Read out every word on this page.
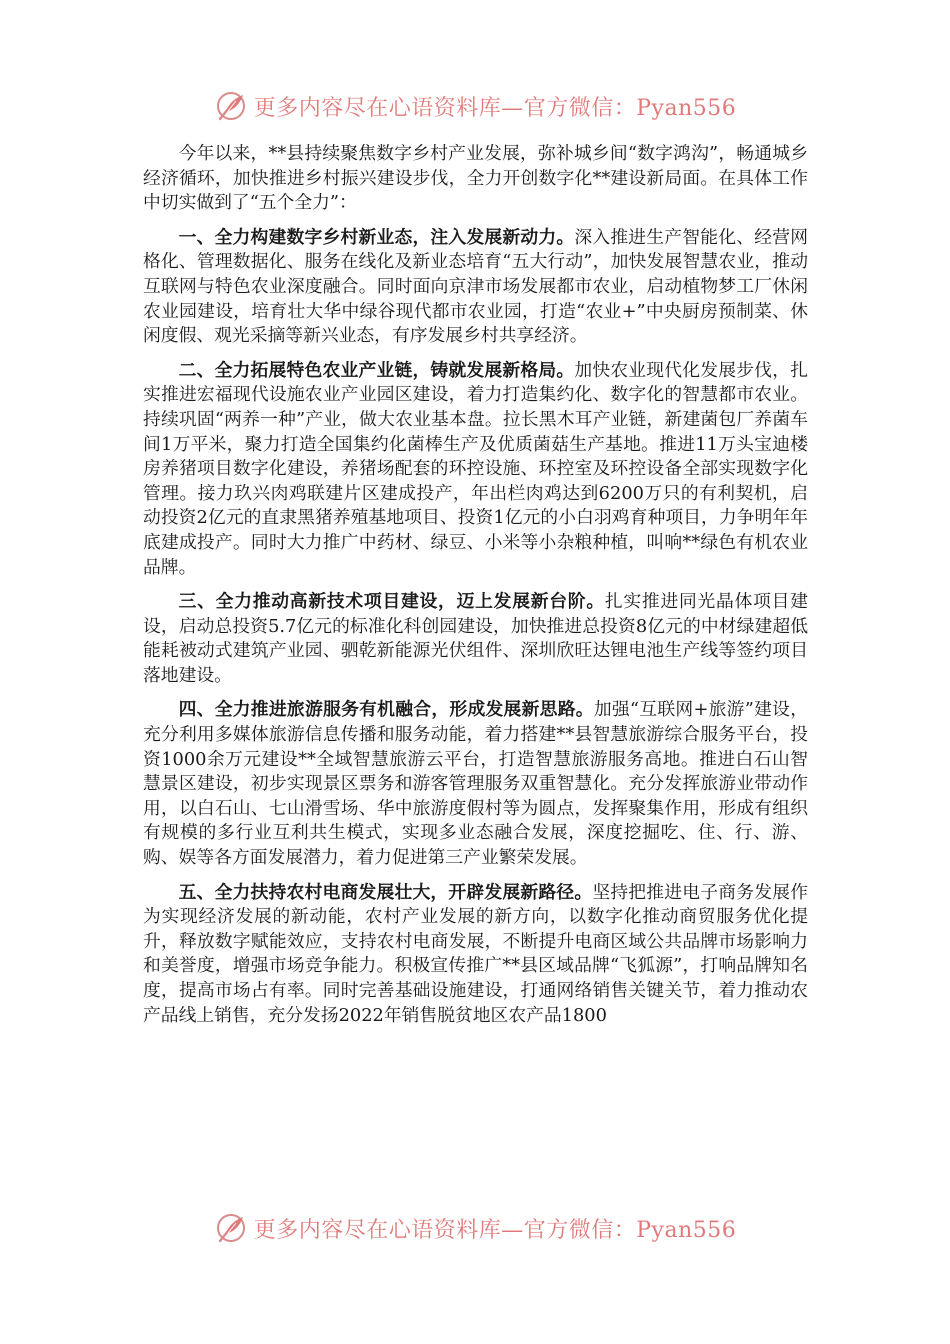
更多内容尽在心语资料库—官方微信：Pyan556

今年以来，**县持续聚焦数字乡村产业发展，弥补城乡间“数字鸿沟”，畅通城乡经济循环，加快推进乡村振兴建设步伐，全力开创数字化**建设新局面。在具体工作中切实做到了“五个全力”：

一、全力构建数字乡村新业态，注入发展新动力。深入推进生产智能化、经营网格化、管理数据化、服务在线化及新业态培育“五大行动”，加快发展智慧农业，推动互联网与特色农业深度融合。同时面向京津市场发展都市农业，启动植物梦工厂休闲农业园建设，培育壮大华中绿谷现代都市农业园，打造“农业+”中央厨房预制菜、休闲度假、观光采摘等新兴业态，有序发展乡村共享经济。

二、全力拓展特色农业产业链，铸就发展新格局。加快农业现代化发展步伐，扎实推进宏福现代设施农业产业园区建设，着力打造集约化、数字化的智慧都市农业。持续巩固“两养一种”产业，做大农业基本盘。拉长黑木耳产业链，新建菌包厂养菌车间1万平米，聚力打造全国集约化菌棒生产及优质菌菇生产基地。推进11万头宝迪楼房养猪项目数字化建设，养猪场配套的环控设施、环控室及环控设备全部实现数字化管理。接力玖兴肉鸡联建片区建成投产，年出栏肉鸡达到6200万只的有利契机，启动投资2亿元的直隶黑猪养殖基地项目、投资1亿元的小白羽鸡育种项目，力争明年年底建成投产。同时大力推广中药材、绿豆、小米等小杂粮种植，叫响**绿色有机农业品牌。

三、全力推动高新技术项目建设，迈上发展新台阶。扎实推进同光晶体项目建设，启动总投资5.7亿元的标准化科创园建设，加快推进总投资8亿元的中材绿建超低能耗被动式建筑产业园、驷乾新能源光伏组件、深圳欣旺达锂电池生产线等签约项目落地建设。

四、全力推进旅游服务有机融合，形成发展新思路。加强“互联网+旅游”建设，充分利用多媒体旅游信息传播和服务动能，着力搭建**县智慧旅游综合服务平台，投资1000余万元建设**全域智慧旅游云平台，打造智慧旅游服务高地。推进白石山智慧景区建设，初步实现景区票务和游客管理服务双重智慧化。充分发挥旅游业带动作用，以白石山、七山滑雪场、华中旅游度假村等为圆点，发挥聚集作用，形成有组织有规模的多行业互利共生模式，实现多业态融合发展，深度挖掘吃、住、行、游、购、娱等各方面发展潜力，着力促进第三产业繁荣发展。

五、全力扶持农村电商发展壮大，开辟发展新路径。坚持把推进电子商务发展作为实现经济发展的新动能，农村产业发展的新方向，以数字化推动商贸服务优化提升，释放数字赋能效应，支持农村电商发展，不断提升电商区域公共品牌市场影响力和美誉度，增强市场竞争能力。积极宣传推广**县区域品牌“飞狐源”，打响品牌知名度，提高市场占有率。同时完善基础设施建设，打通网络销售关键关节，着力推动农产品线上销售，充分发扬2022年销售脱贫地区农产品1800

更多内容尽在心语资料库—官方微信：Pyan556
